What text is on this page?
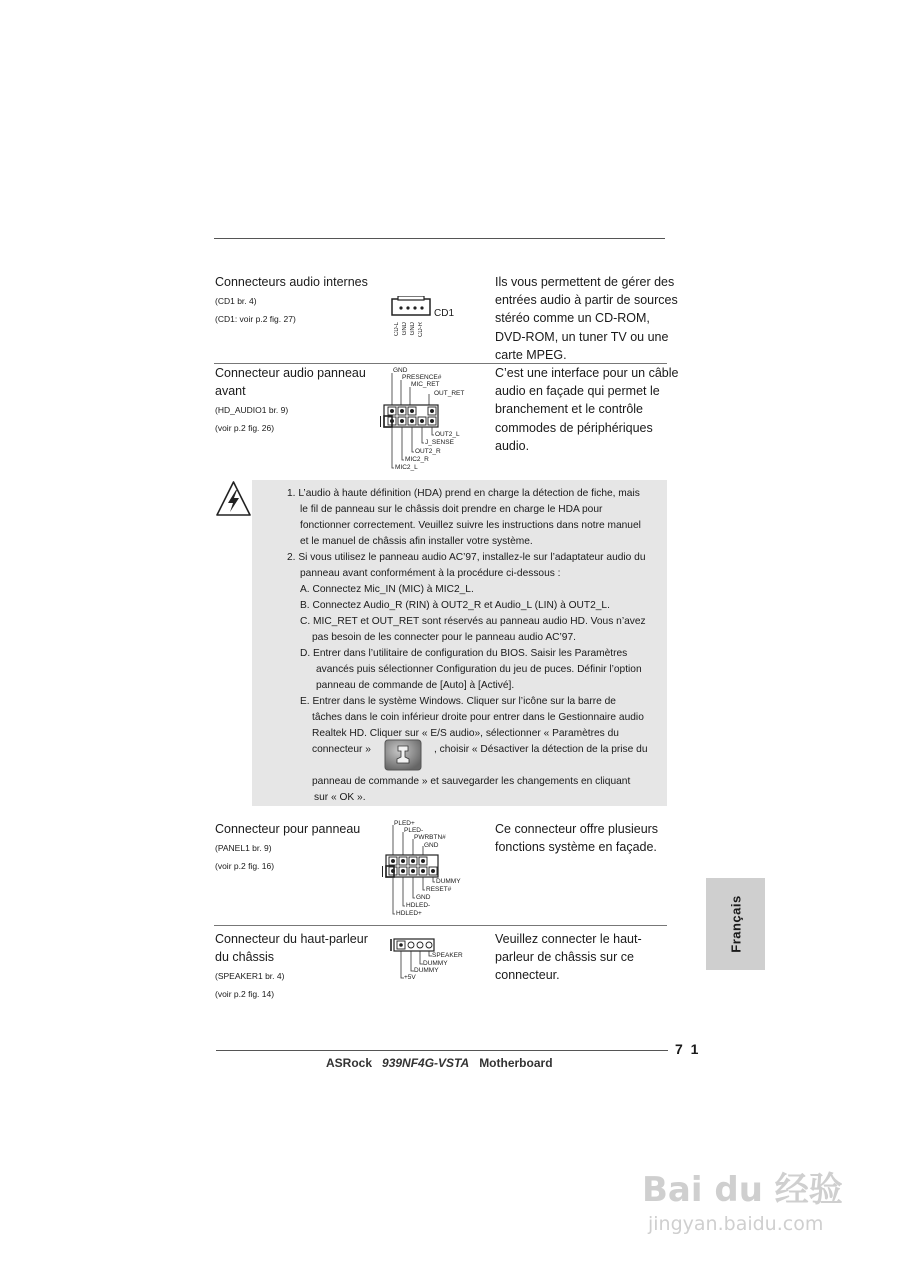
Connecteurs audio internes
(CD1 br. 4)
(CD1: voir p.2 fig. 27)
CD-L GND GND CD-R
CD1
Ils vous permettent de gérer des
entrées audio à partir de sources
stéréo comme un CD-ROM,
DVD-ROM, un tuner TV ou une
carte MPEG.
Connecteur audio panneau
avant
(HD_AUDIO1 br. 9)
(voir p.2 fig. 26)
GND
PRESENCE#
MIC_RET
OUT_RET
OUT2_L
J_SENSE
OUT2_R
MIC2_R
MIC2_L
C’est une interface pour un câble
audio en façade qui permet le
branchement et le contrôle
commodes de périphériques
audio.
1. L’audio à haute définition (HDA) prend en charge la détection de fiche, mais
le fil de panneau sur le châssis doit prendre en charge le HDA pour
fonctionner correctement. Veuillez suivre les instructions dans notre manuel
et le manuel de châssis afin installer votre système.
2. Si vous utilisez le panneau audio AC’97, installez-le sur l’adaptateur audio du
panneau avant conformément à la procédure ci-dessous :
A. Connectez Mic_IN (MIC) à MIC2_L.
B. Connectez Audio_R (RIN) à OUT2_R et Audio_L (LIN) à OUT2_L.
C. MIC_RET et OUT_RET sont réservés au panneau audio HD. Vous n’avez
pas besoin de les connecter pour le panneau audio AC’97.
D. Entrer dans l’utilitaire de configuration du BIOS. Saisir les Paramètres
avancés puis sélectionner Configuration du jeu de puces. Définir l’option
panneau de commande de [Auto] à [Activé].
E. Entrer dans le système Windows. Cliquer sur l’icône sur la barre de
tâches dans le coin inférieur droite pour entrer dans le Gestionnaire audio
Realtek HD. Cliquer sur « E/S audio», sélectionner « Paramètres du
connecteur »	, choisir « Désactiver la détection de la prise du
panneau de commande » et sauvegarder les changements en cliquant
sur « OK ».
Connecteur pour panneau
(PANEL1 br. 9)
(voir p.2 fig. 16)
PLED+
PLED-
PWRBTN#
GND
DUMMY
RESET#
GND
HDLED-
HDLED+
Ce connecteur offre plusieurs
fonctions système en façade.
Connecteur du haut-parleur
du châssis
(SPEAKER1 br. 4)
(voir p.2 fig. 14)
SPEAKER
DUMMY
DUMMY
+5V
Veuillez connecter le haut-
parleur de châssis sur ce
connecteur.
Français
7 1
ASRock 939NF4G-VSTA Motherboard
Bai du 经验
jingyan.baidu.com
